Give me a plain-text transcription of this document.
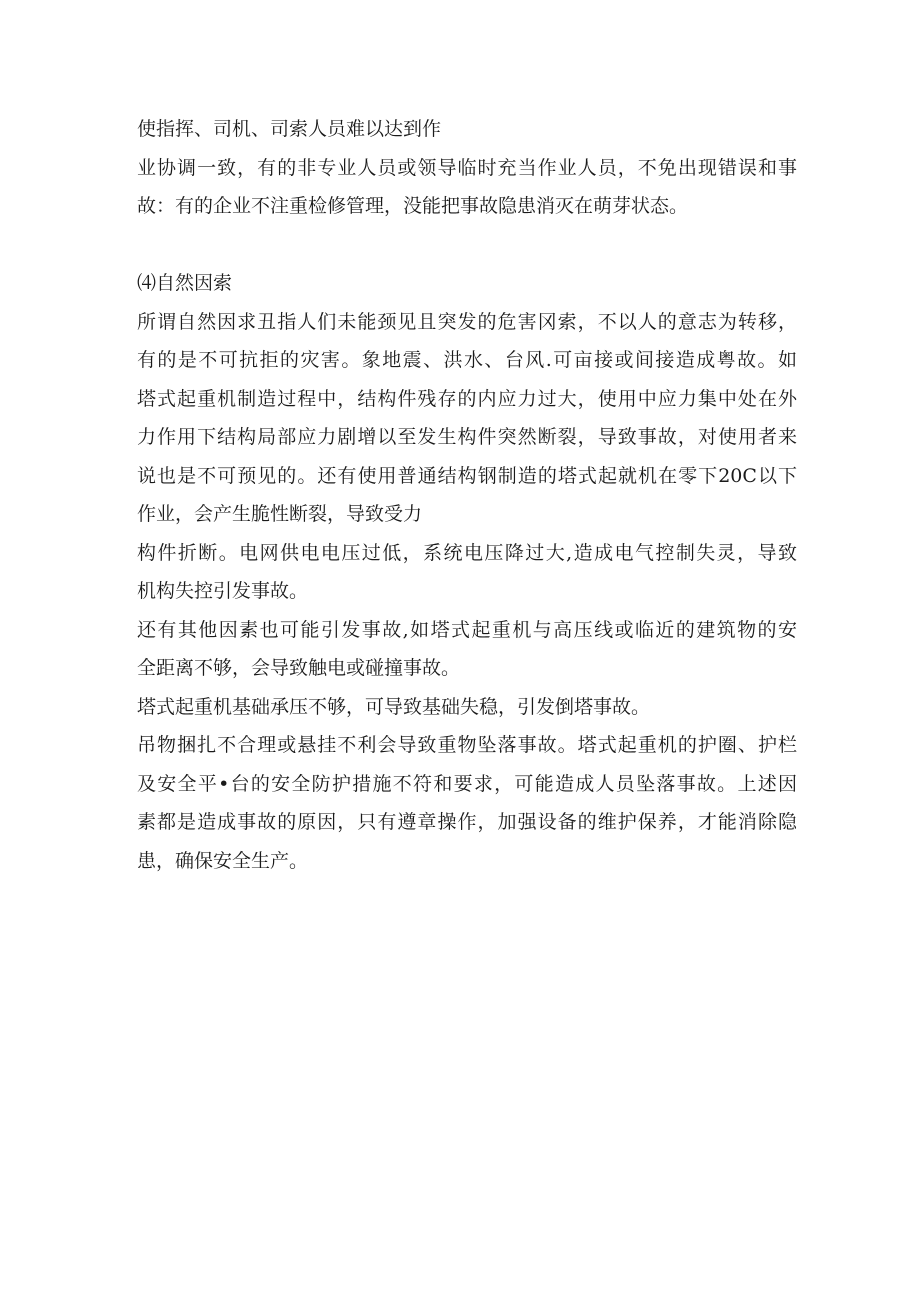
使指挥、司机、司索人员难以达到作

业协调一致，有的非专业人员或领导临时充当作业人员，不免出现错误和事

故：有的企业不注重检修管理，没能把事故隐患消灭在萌芽状态。

⑷自然因索

所谓自然因求丑指人们未能颈见且突发的危害冈索，不以人的意志为转移，

有的是不可抗拒的灾害。象地震、洪水、台风.可亩接或间接造成粤故。如

塔式起重机制造过程中，结构件残存的内应力过大，使用中应力集中处在外

力作用下结构局部应力剧增以至发生构件突然断裂，导致事故，对使用者来

说也是不可预见的。还有使用普通结构钢制造的塔式起就机在零下20C以下

作业，会产生脆性断裂，导致受力

构件折断。电网供电电压过低，系统电压降过大,造成电气控制失灵，导致

机构失控引发事故。

还有其他因素也可能引发事故,如塔式起重机与高压线或临近的建筑物的安

全距离不够，会导致触电或碰撞事故。

塔式起重机基础承压不够，可导致基础失稳，引发倒塔事故。

吊物捆扎不合理或悬挂不利会导致重物坠落事故。塔式起重机的护圈、护栏

及安全平•台的安全防护措施不符和要求，可能造成人员坠落事故。上述因

素都是造成事故的原因，只有遵章操作，加强设备的维护保养，才能消除隐

患，确保安全生产。
